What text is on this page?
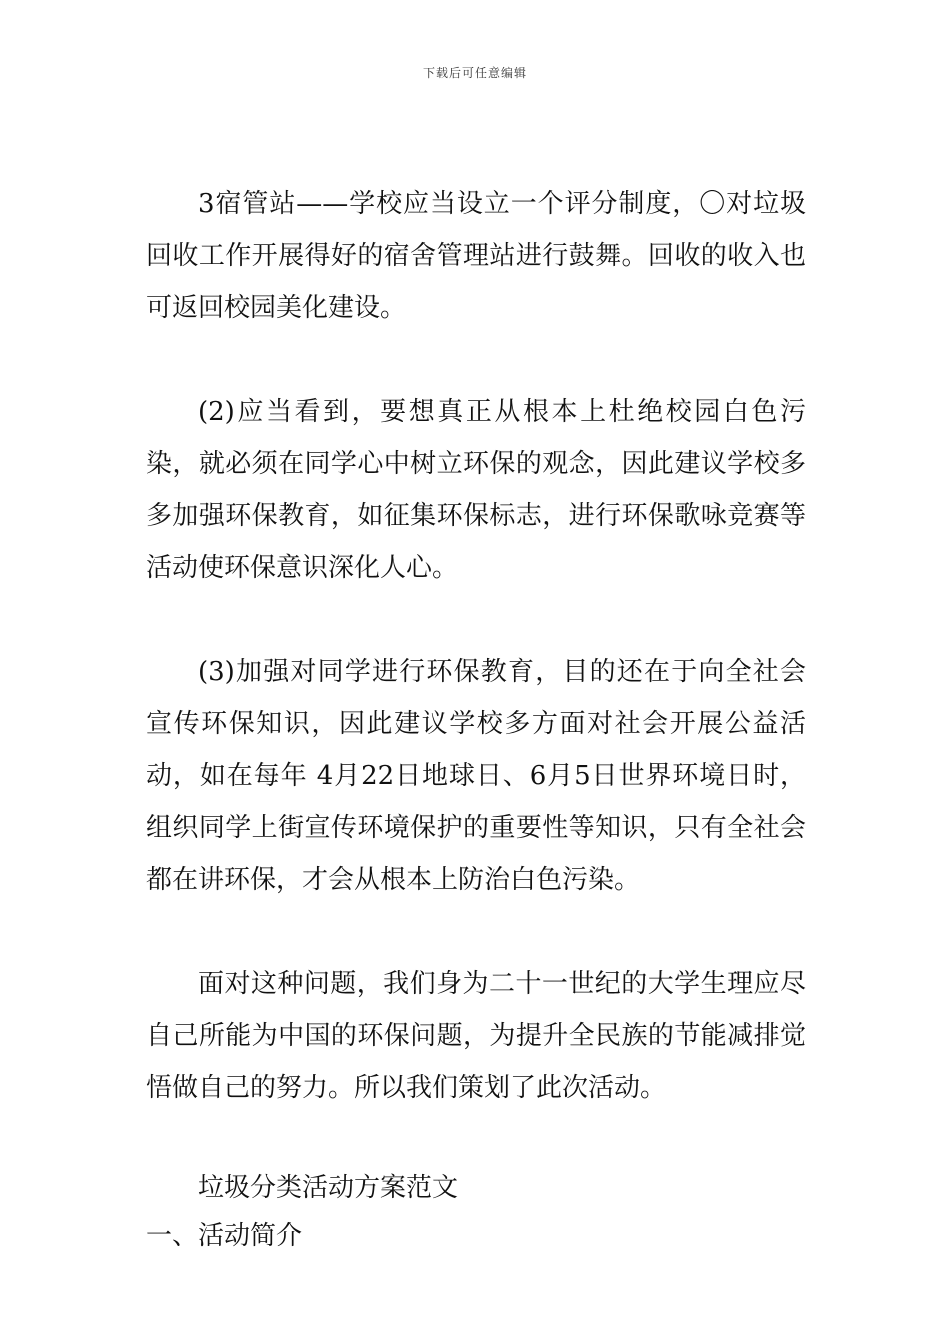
下载后可任意编辑

3宿管站——学校应当设立一个评分制度，〇对垃圾回收工作开展得好的宿舍管理站进行鼓舞。回收的收入也可返回校园美化建设。

(2)应当看到，要想真正从根本上杜绝校园白色污染，就必须在同学心中树立环保的观念，因此建议学校多多加强环保教育，如征集环保标志，进行环保歌咏竞赛等活动使环保意识深化人心。

(3)加强对同学进行环保教育，目的还在于向全社会宣传环保知识，因此建议学校多方面对社会开展公益活动，如在每年 4月22日地球日、6月5日世界环境日时，组织同学上街宣传环境保护的重要性等知识，只有全社会都在讲环保，才会从根本上防治白色污染。

面对这种问题，我们身为二十一世纪的大学生理应尽自己所能为中国的环保问题，为提升全民族的节能减排觉悟做自己的努力。所以我们策划了此次活动。

垃圾分类活动方案范文

一、活动简介
